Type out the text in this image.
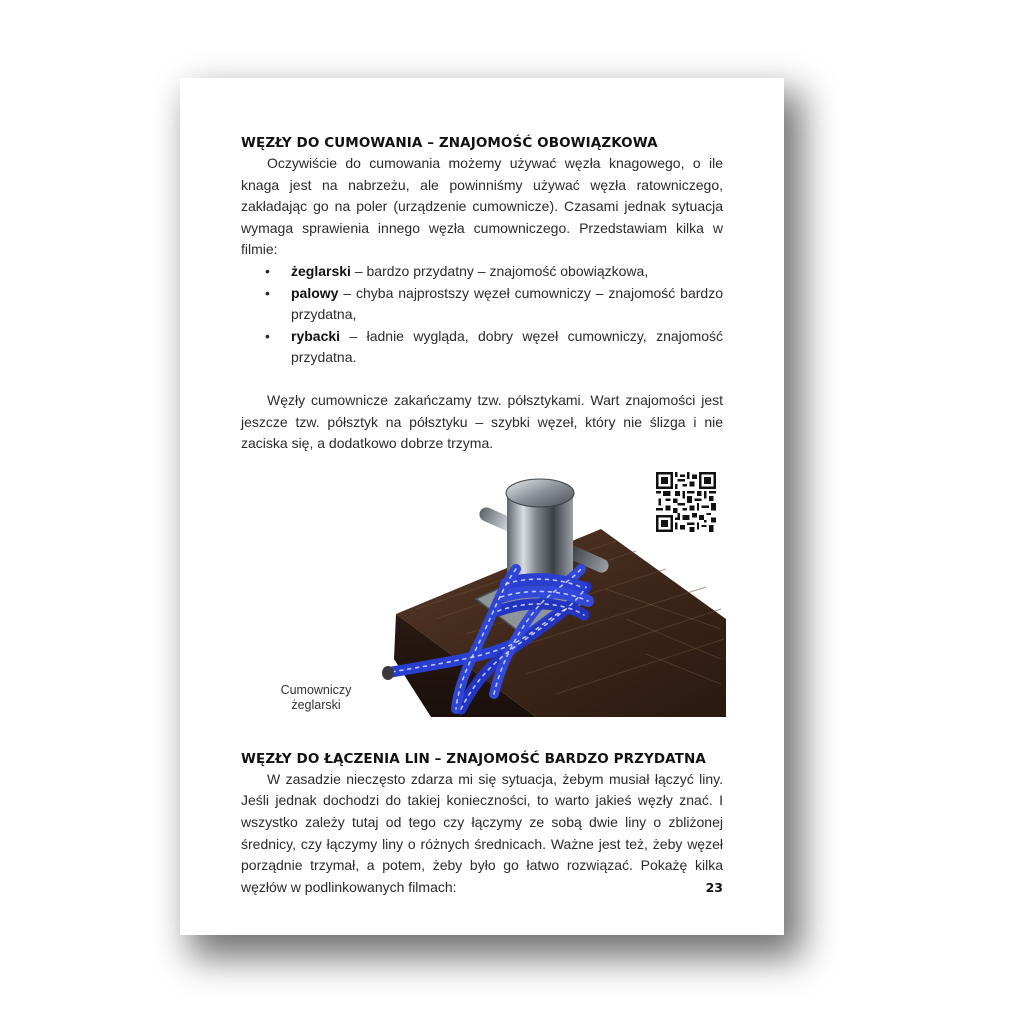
WĘZŁY DO CUMOWANIA – ZNAJOMOŚĆ OBOWIĄZKOWA

Oczywiście do cumowania możemy używać węzła knagowego, o ile knaga jest na nabrzeżu, ale powinniśmy używać węzła ratowniczego, zakładając go na poler (urządzenie cumownicze). Czasami jednak sytuacja wymaga sprawienia innego węzła cumowniczego. Przedstawiam kilka w filmie:

• żeglarski – bardzo przydatny – znajomość obowiązkowa,
• palowy – chyba najprostszy węzeł cumowniczy – znajomość bardzo przydatna,
• rybacki – ładnie wygląda, dobry węzeł cumowniczy, znajomość przydatna.

Węzły cumownicze zakańczamy tzw. półsztykami. Wart znajomości jest jeszcze tzw. półsztyk na półsztyku – szybki węzeł, który nie ślizga i nie zaciska się, a dodatkowo dobrze trzyma.

Cumowniczy
żeglarski
WĘZŁY DO ŁĄCZENIA LIN – ZNAJOMOŚĆ BARDZO PRZYDATNA

W zasadzie nieczęsto zdarza mi się sytuacja, żebym musiał łączyć liny. Jeśli jednak dochodzi do takiej konieczności, to warto jakieś węzły znać. I wszystko zależy tutaj od tego czy łączymy ze sobą dwie liny o zbliżonej średnicy, czy łączymy liny o różnych średnicach. Ważne jest też, żeby węzeł porządnie trzymał, a potem, żeby było go łatwo rozwiązać. Pokażę kilka węzłów w podlinkowanych filmach:	23
